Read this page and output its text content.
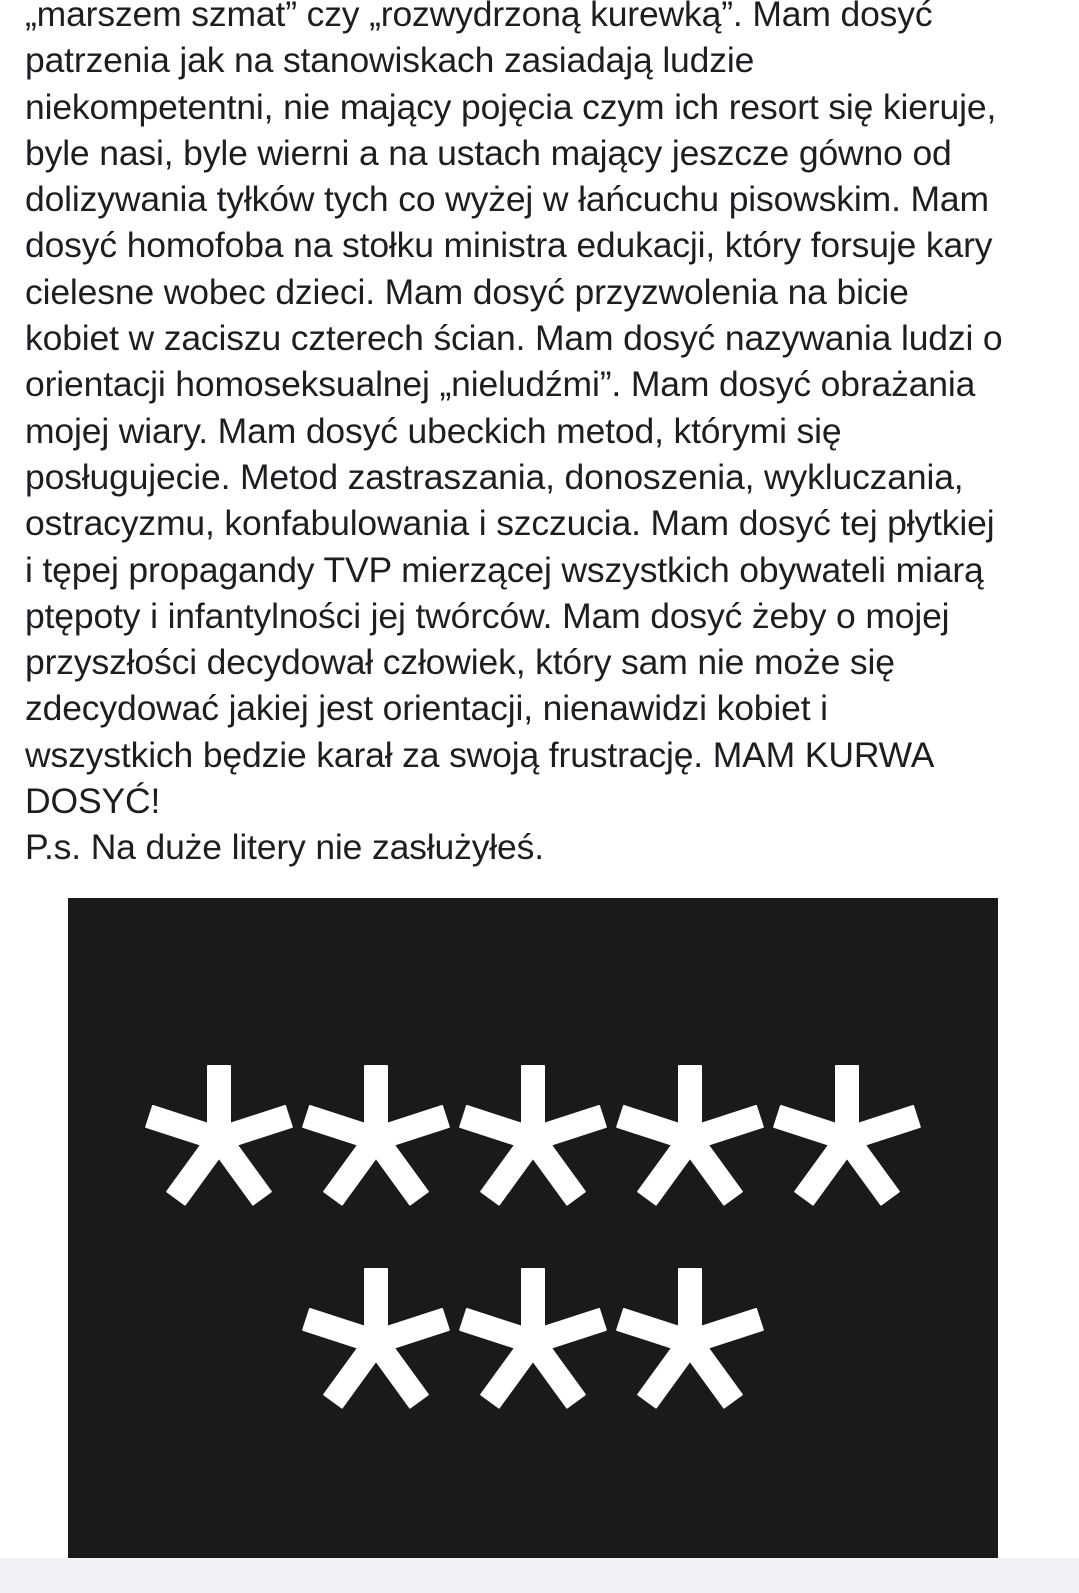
„marszem szmat” czy „rozwydrzoną kurewką”. Mam dosyć
patrzenia jak na stanowiskach zasiadają ludzie
niekompetentni, nie mający pojęcia czym ich resort się kieruje,
byle nasi, byle wierni a na ustach mający jeszcze gówno od
dolizywania tyłków tych co wyżej w łańcuchu pisowskim. Mam
dosyć homofoba na stołku ministra edukacji, który forsuje kary
cielesne wobec dzieci. Mam dosyć przyzwolenia na bicie
kobiet w zaciszu czterech ścian. Mam dosyć nazywania ludzi o
orientacji homoseksualnej „nieludźmi”. Mam dosyć obrażania
mojej wiary. Mam dosyć ubeckich metod, którymi się
posługujecie. Metod zastraszania, donoszenia, wykluczania,
ostracyzmu, konfabulowania i szczucia. Mam dosyć tej płytkiej
i tępej propagandy TVP mierzącej wszystkich obywateli miarą
ptępoty i infantylności jej twórców. Mam dosyć żeby o mojej
przyszłości decydował człowiek, który sam nie może się
zdecydować jakiej jest orientacji, nienawidzi kobiet i
wszystkich będzie karał za swoją frustrację. MAM KURWA
DOSYĆ!
P.s. Na duże litery nie zasłużyłeś.
